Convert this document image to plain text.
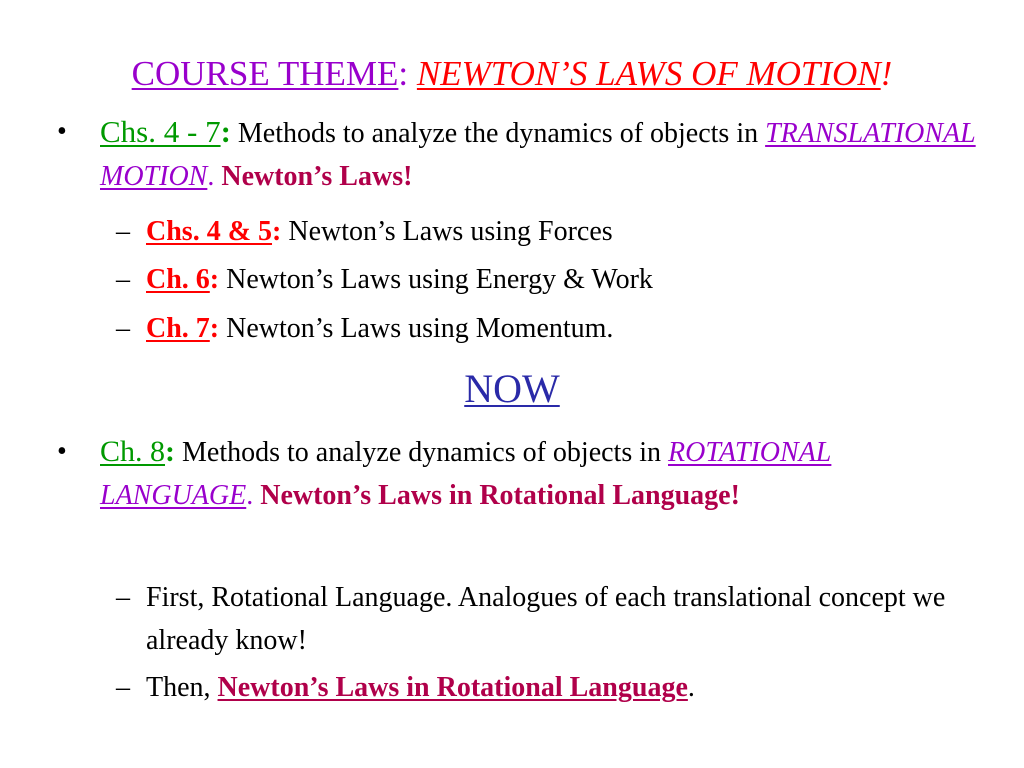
COURSE THEME: NEWTON’S LAWS OF MOTION!
• Chs. 4 - 7: Methods to analyze the dynamics of objects in TRANSLATIONAL MOTION. Newton’s Laws!
– Chs. 4 & 5: Newton’s Laws using Forces
– Ch. 6: Newton’s Laws using Energy & Work
– Ch. 7: Newton’s Laws using Momentum.
NOW
• Ch. 8: Methods to analyze dynamics of objects in ROTATIONAL LANGUAGE. Newton’s Laws in Rotational Language!
– First, Rotational Language. Analogues of each translational concept we already know!
– Then, Newton’s Laws in Rotational Language.
